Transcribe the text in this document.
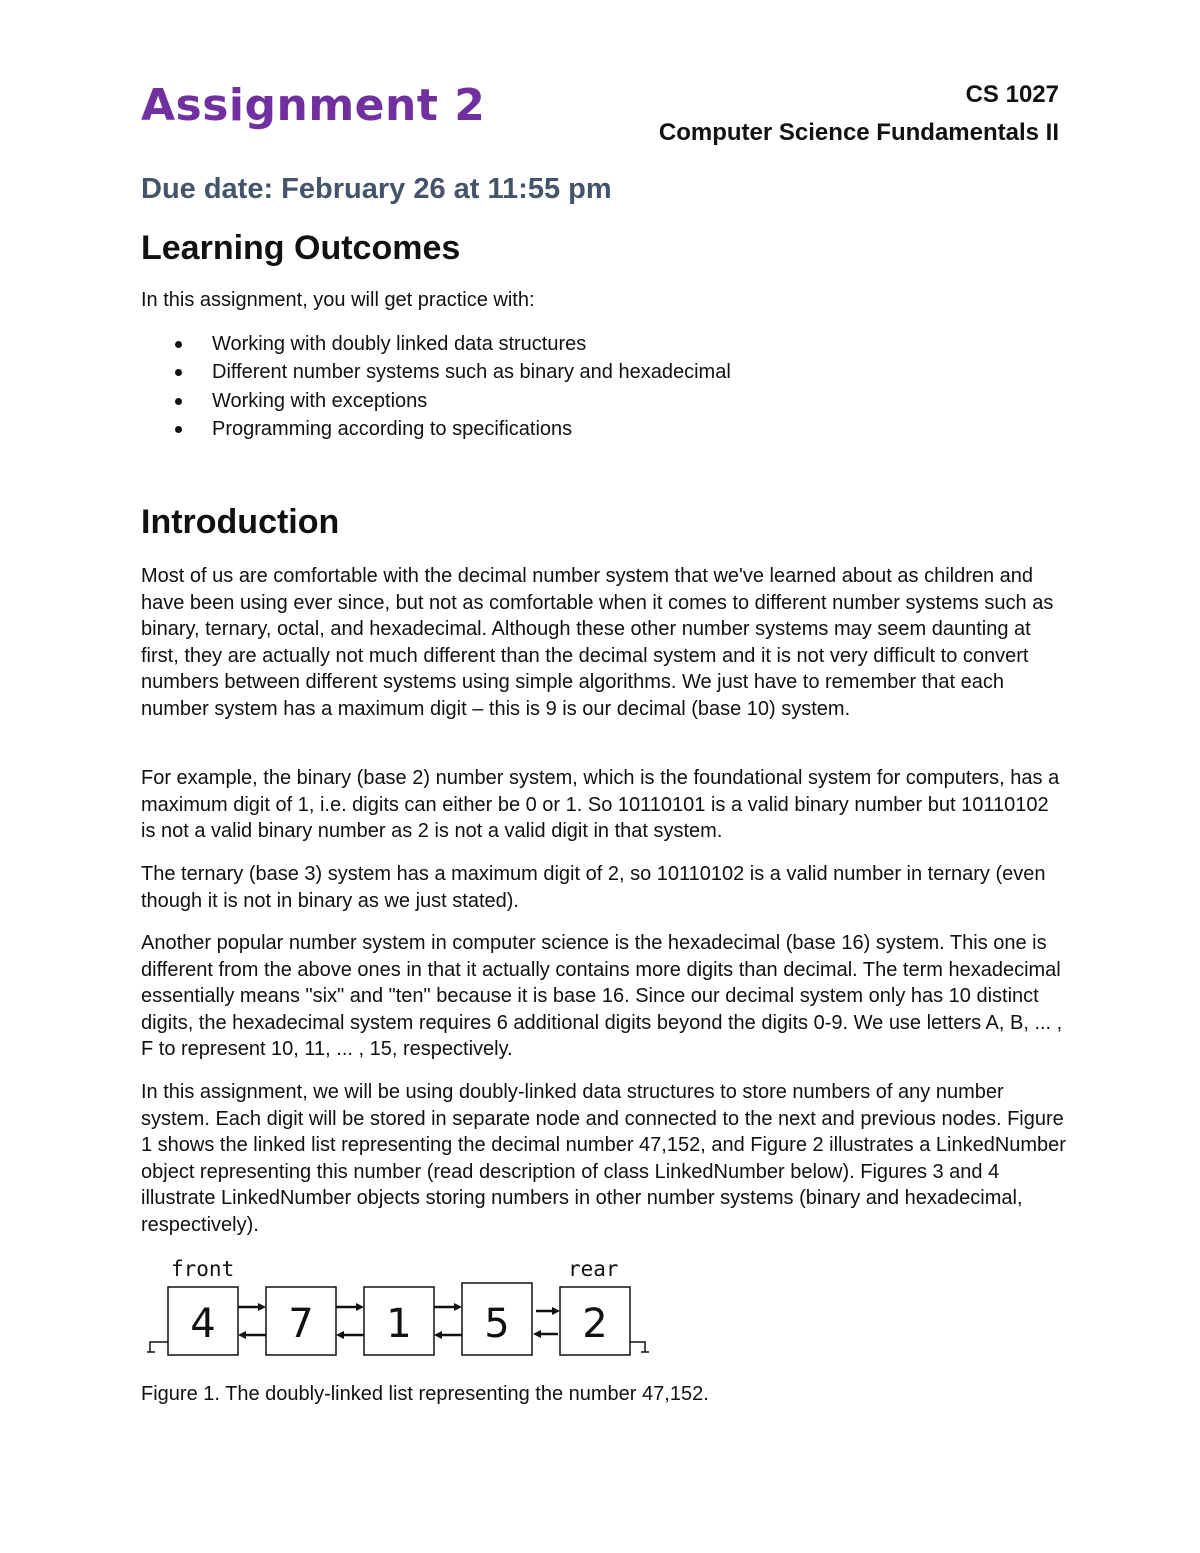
Assignment 2	CS 1027
Computer Science Fundamentals II
Due date: February 26 at 11:55 pm
Learning Outcomes

In this assignment, you will get practice with:

Working with doubly linked data structures
Different number systems such as binary and hexadecimal
Working with exceptions
Programming according to specifications
Introduction

Most of us are comfortable with the decimal number system that we've learned about as children and have been using ever since, but not as comfortable when it comes to different number systems such as binary, ternary, octal, and hexadecimal. Although these other number systems may seem daunting at first, they are actually not much different than the decimal system and it is not very difficult to convert numbers between different systems using simple algorithms. We just have to remember that each number system has a maximum digit – this is 9 is our decimal (base 10) system.

For example, the binary (base 2) number system, which is the foundational system for computers, has a maximum digit of 1, i.e. digits can either be 0 or 1. So 10110101 is a valid binary number but 10110102 is not a valid binary number as 2 is not a valid digit in that system.

The ternary (base 3) system has a maximum digit of 2, so 10110102 is a valid number in ternary (even though it is not in binary as we just stated).

Another popular number system in computer science is the hexadecimal (base 16) system. This one is different from the above ones in that it actually contains more digits than decimal. The term hexadecimal essentially means "six" and "ten" because it is base 16. Since our decimal system only has 10 distinct digits, the hexadecimal system requires 6 additional digits beyond the digits 0-9. We use letters A, B, ... , F to represent 10, 11, ... , 15, respectively.

In this assignment, we will be using doubly-linked data structures to store numbers of any number system. Each digit will be stored in separate node and connected to the next and previous nodes. Figure 1 shows the linked list representing the decimal number 47,152, and Figure 2 illustrates a LinkedNumber object representing this number (read description of class LinkedNumber below). Figures 3 and 4 illustrate LinkedNumber objects storing numbers in other number systems (binary and hexadecimal, respectively).

front	rear
4 7 1 5 2

Figure 1. The doubly-linked list representing the number 47,152.
